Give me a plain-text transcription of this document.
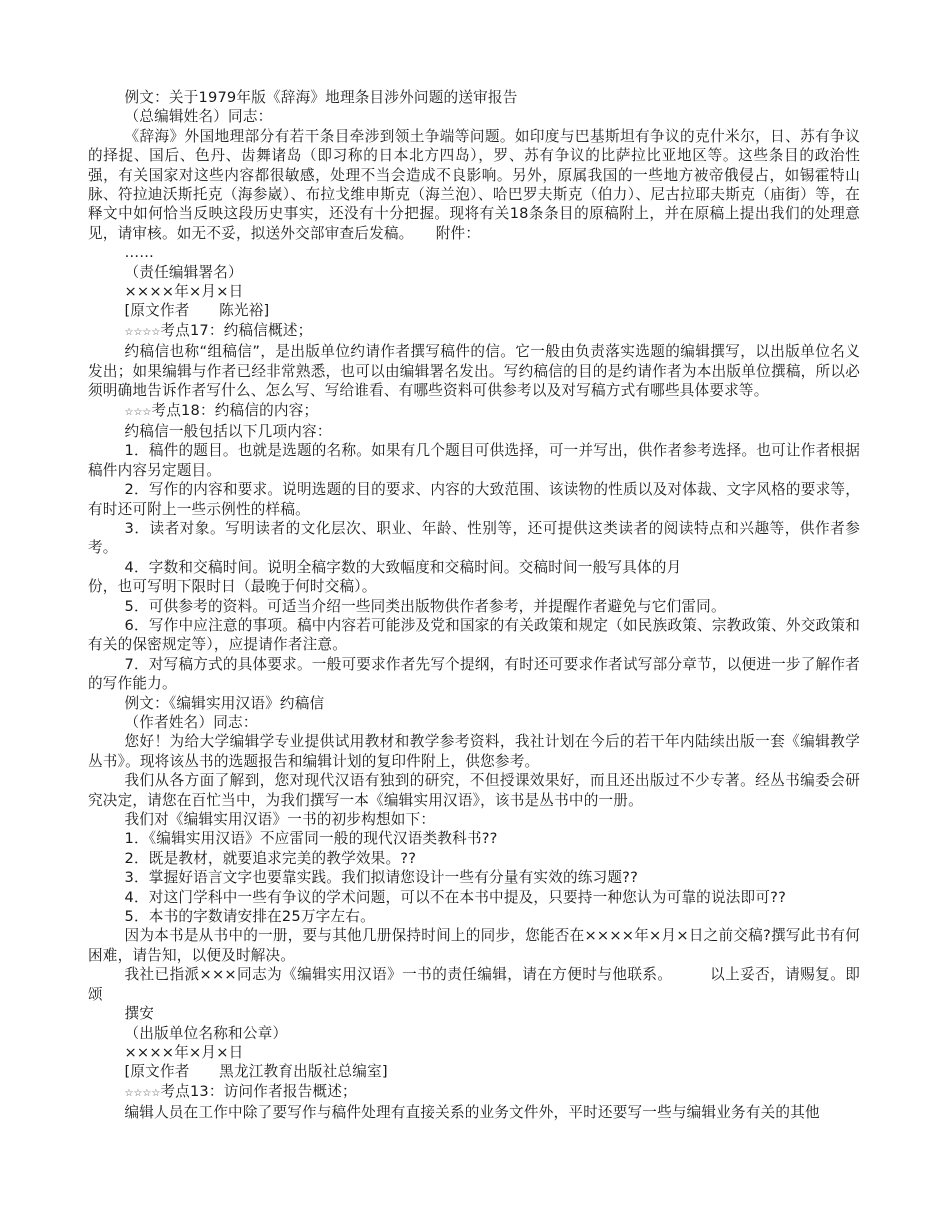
例文：关于1979年版《辞海》地理条目涉外问题的送审报告

（总编辑姓名）同志：

《辞海》外国地理部分有若干条目牵涉到领土争端等问题。如印度与巴基斯坦有争议的克什米尔，日、苏有争议的择捉、国后、色丹、齿舞诸岛（即习称的日本北方四岛），罗、苏有争议的比萨拉比亚地区等。这些条目的政治性强，有关国家对这些内容都很敏感，处理不当会造成不良影响。另外，原属我国的一些地方被帝俄侵占，如锡霍特山脉、符拉迪沃斯托克（海参崴）、布拉戈维申斯克（海兰泡）、哈巴罗夫斯克（伯力）、尼古拉耶夫斯克（庙街）等，在释文中如何恰当反映这段历史事实，还没有十分把握。现将有关18条条目的原稿附上，并在原稿上提出我们的处理意见，请审核。如无不妥，拟送外交部审查后发稿。　　附件：

……

（责任编辑署名）

××××年×月×日

[原文作者　　陈光裕]

☆☆☆☆考点17：约稿信概述；

约稿信也称“组稿信”，是出版单位约请作者撰写稿件的信。它一般由负责落实选题的编辑撰写，以出版单位名义发出；如果编辑与作者已经非常熟悉，也可以由编辑署名发出。写约稿信的目的是约请作者为本出版单位撰稿，所以必须明确地告诉作者写什么、怎么写、写给谁看、有哪些资料可供参考以及对写稿方式有哪些具体要求等。

☆☆☆考点18：约稿信的内容；

约稿信一般包括以下几项内容：

1．稿件的题目。也就是选题的名称。如果有几个题目可供选择，可一并写出，供作者参考选择。也可让作者根据稿件内容另定题目。

2．写作的内容和要求。说明选题的目的要求、内容的大致范围、该读物的性质以及对体裁、文字风格的要求等，有时还可附上一些示例性的样稿。

3．读者对象。写明读者的文化层次、职业、年龄、性别等，还可提供这类读者的阅读特点和兴趣等，供作者参考。

4．字数和交稿时间。说明全稿字数的大致幅度和交稿时间。交稿时间一般写具体的月

份，也可写明下限时日（最晚于何时交稿）。

5．可供参考的资料。可适当介绍一些同类出版物供作者参考，并提醒作者避免与它们雷同。

6．写作中应注意的事项。稿中内容若可能涉及党和国家的有关政策和规定（如民族政策、宗教政策、外交政策和有关的保密规定等），应提请作者注意。

7．对写稿方式的具体要求。一般可要求作者先写个提纲，有时还可要求作者试写部分章节，以便进一步了解作者的写作能力。

例文：《编辑实用汉语》约稿信

（作者姓名）同志：

您好！为给大学编辑学专业提供试用教材和教学参考资料，我社计划在今后的若干年内陆续出版一套《编辑教学丛书》。现将该丛书的选题报告和编辑计划的复印件附上，供您参考。

我们从各方面了解到，您对现代汉语有独到的研究，不但授课效果好，而且还出版过不少专著。经丛书编委会研究决定，请您在百忙当中，为我们撰写一本《编辑实用汉语》，该书是丛书中的一册。

我们对《编辑实用汉语》一书的初步构想如下：

1．《编辑实用汉语》不应雷同一般的现代汉语类教科书??

2．既是教材，就要追求完美的教学效果。??

3．掌握好语言文字也要靠实践。我们拟请您设计一些有分量有实效的练习题??

4．对这门学科中一些有争议的学术问题，可以不在本书中提及，只要持一种您认为可靠的说法即可??

5．本书的字数请安排在25万字左右。

因为本书是从书中的一册，要与其他几册保持时间上的同步，您能否在××××年×月×日之前交稿?撰写此书有何困难，请告知，以便及时解决。

我社已指派×××同志为《编辑实用汉语》一书的责任编辑，请在方便时与他联系。　　　以上妥否，请赐复。即颂

撰安

（出版单位名称和公章）

××××年×月×日

[原文作者　　黑龙江教育出版社总编室]

☆☆☆☆考点13：访问作者报告概述；

编辑人员在工作中除了要写作与稿件处理有直接关系的业务文件外，平时还要写一些与编辑业务有关的其他
